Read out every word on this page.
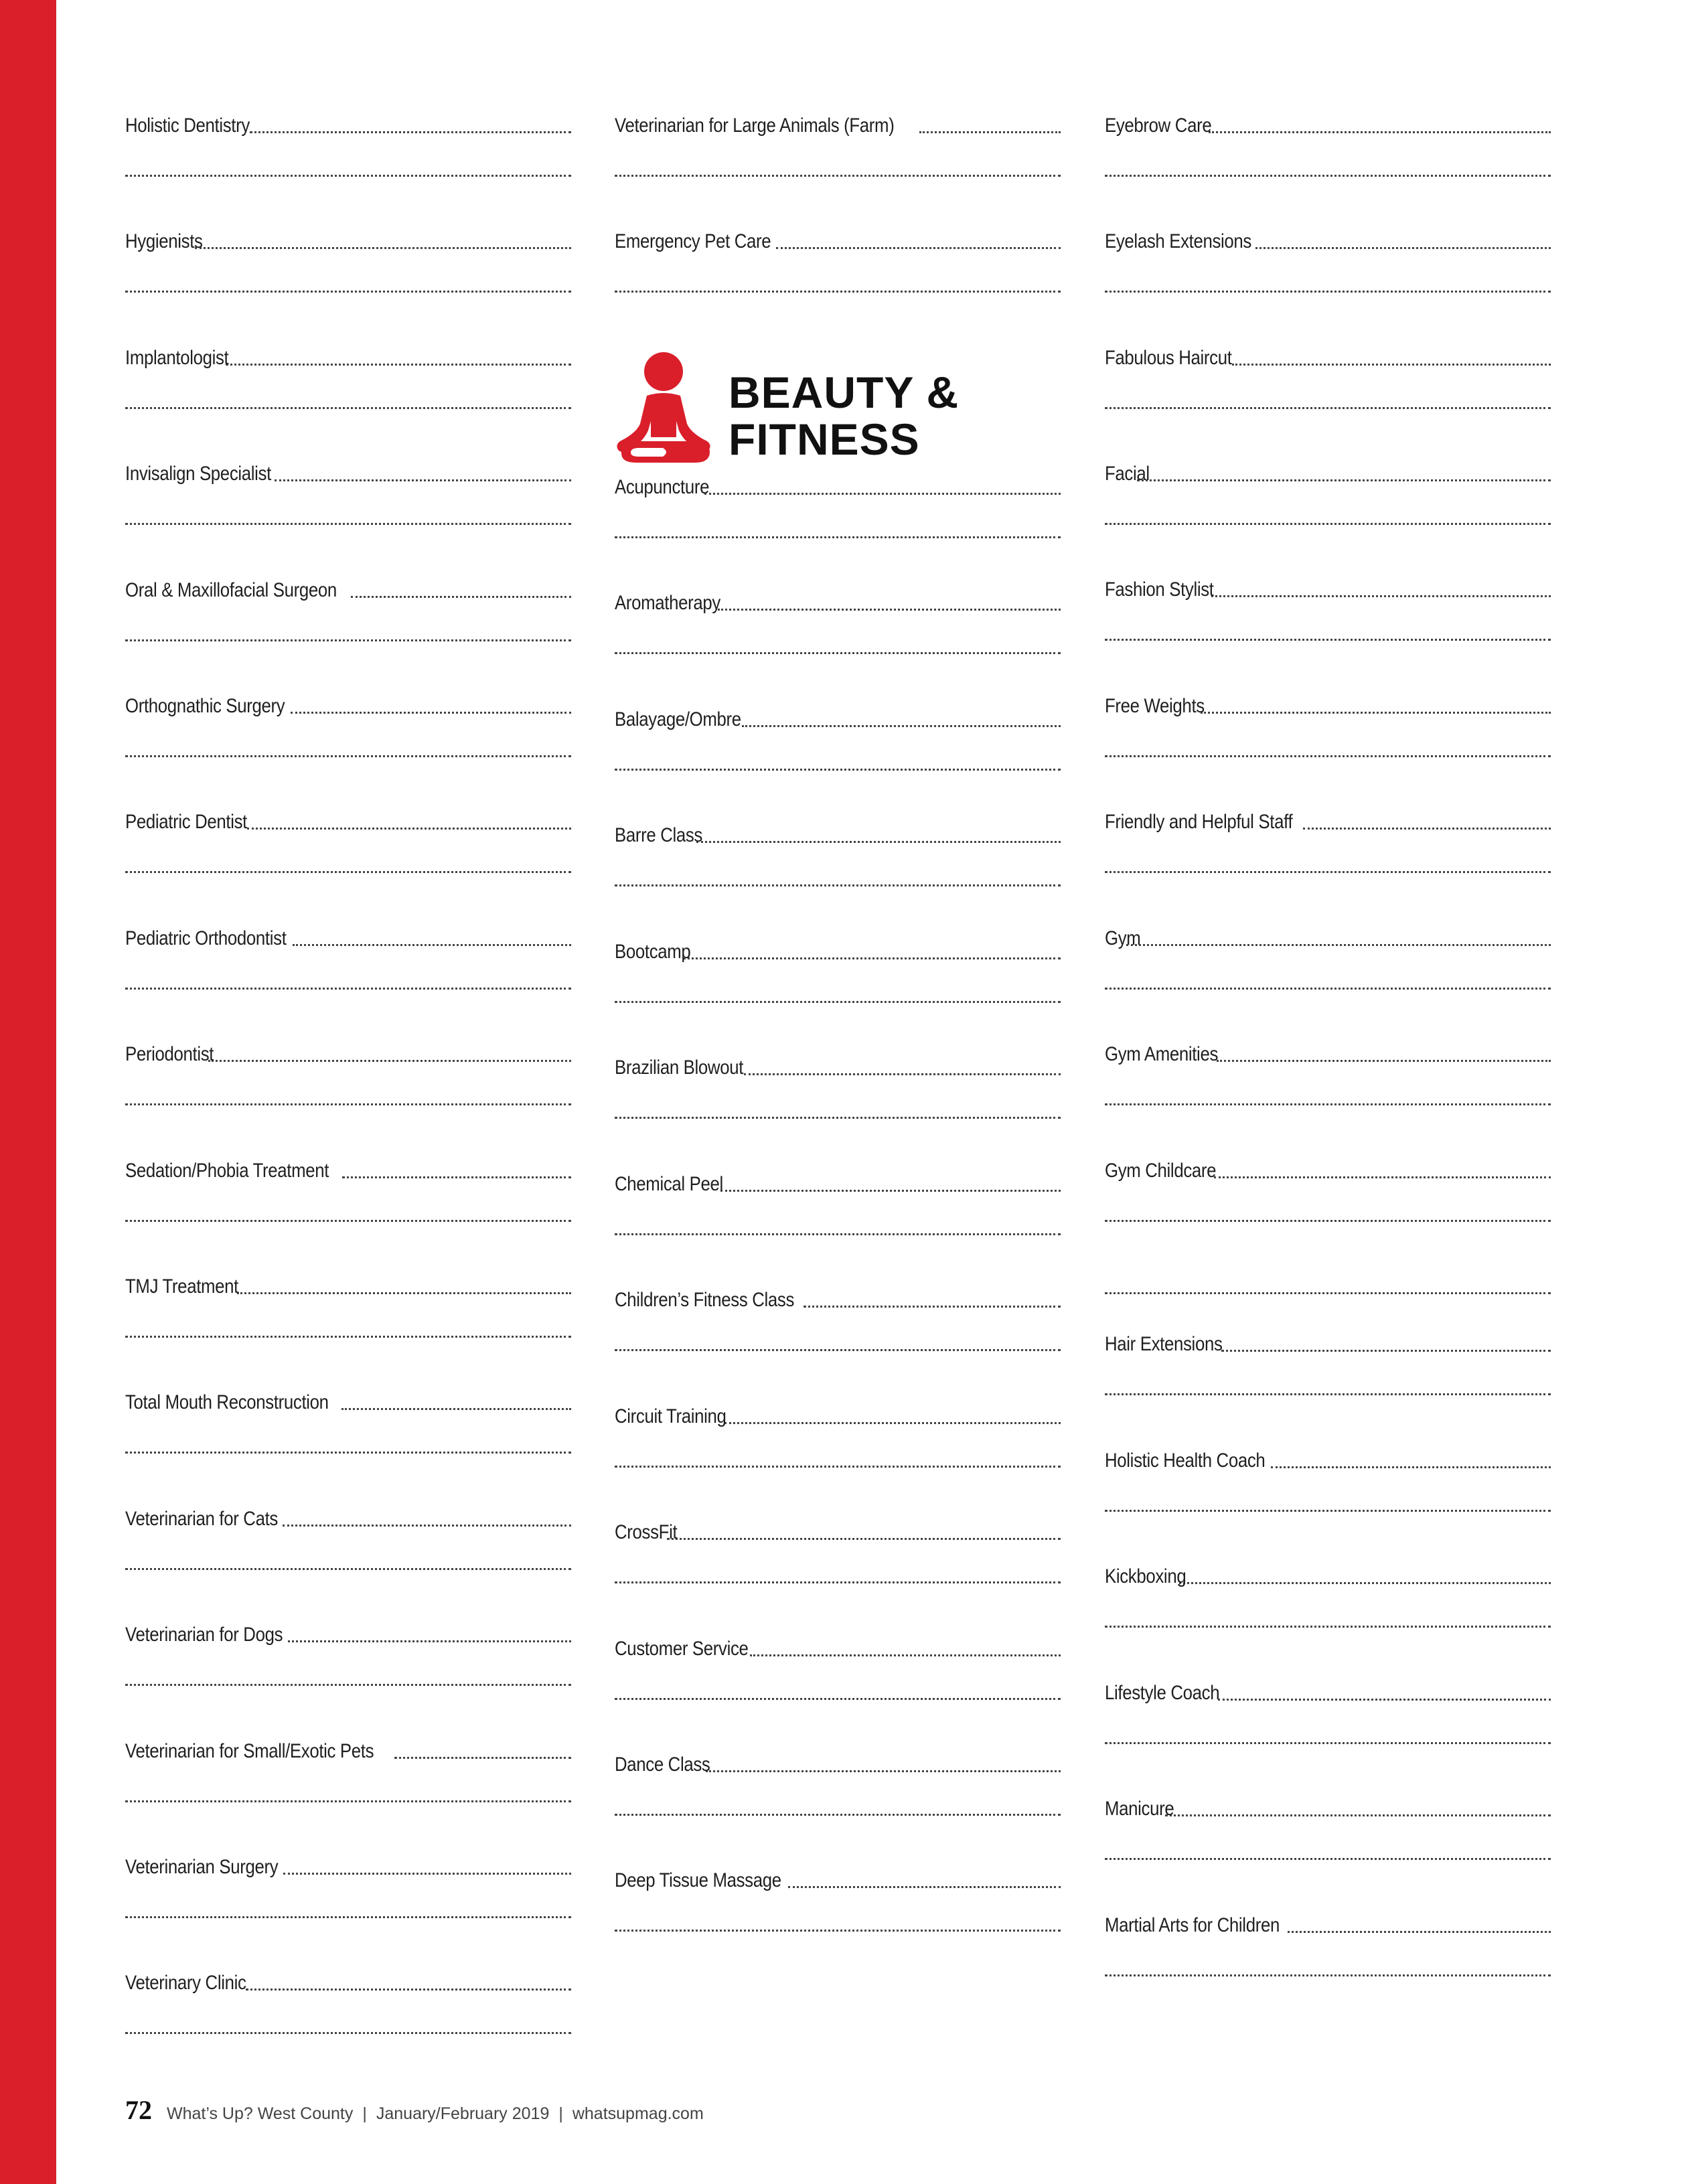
Holistic Dentistry
Hygienists
Implantologist
Invisalign Specialist
Oral & Maxillofacial Surgeon
Orthognathic Surgery
Pediatric Dentist
Pediatric Orthodontist
Periodontist
Sedation/Phobia Treatment
TMJ Treatment
Total Mouth Reconstruction
Veterinarian for Cats
Veterinarian for Dogs
Veterinarian for Small/Exotic Pets
Veterinarian Surgery
Veterinary Clinic
Veterinarian for Large Animals (Farm)
Emergency Pet Care
Acupuncture
Aromatherapy
Balayage/Ombre
Barre Class
Bootcamp
Brazilian Blowout
Chemical Peel
Children’s Fitness Class
Circuit Training
CrossFit
Customer Service
Dance Class
Deep Tissue Massage
Eyebrow Care
Eyelash Extensions
Fabulous Haircut
Facial
Fashion Stylist
Free Weights
Friendly and Helpful Staff
Gym
Gym Amenities
Gym Childcare
Hair Extensions
Holistic Health Coach
Kickboxing
Lifestyle Coach
Manicure
Martial Arts for Children
BEAUTY &
FITNESS
72 What’s Up? West County | January/February 2019 | whatsupmag.com
